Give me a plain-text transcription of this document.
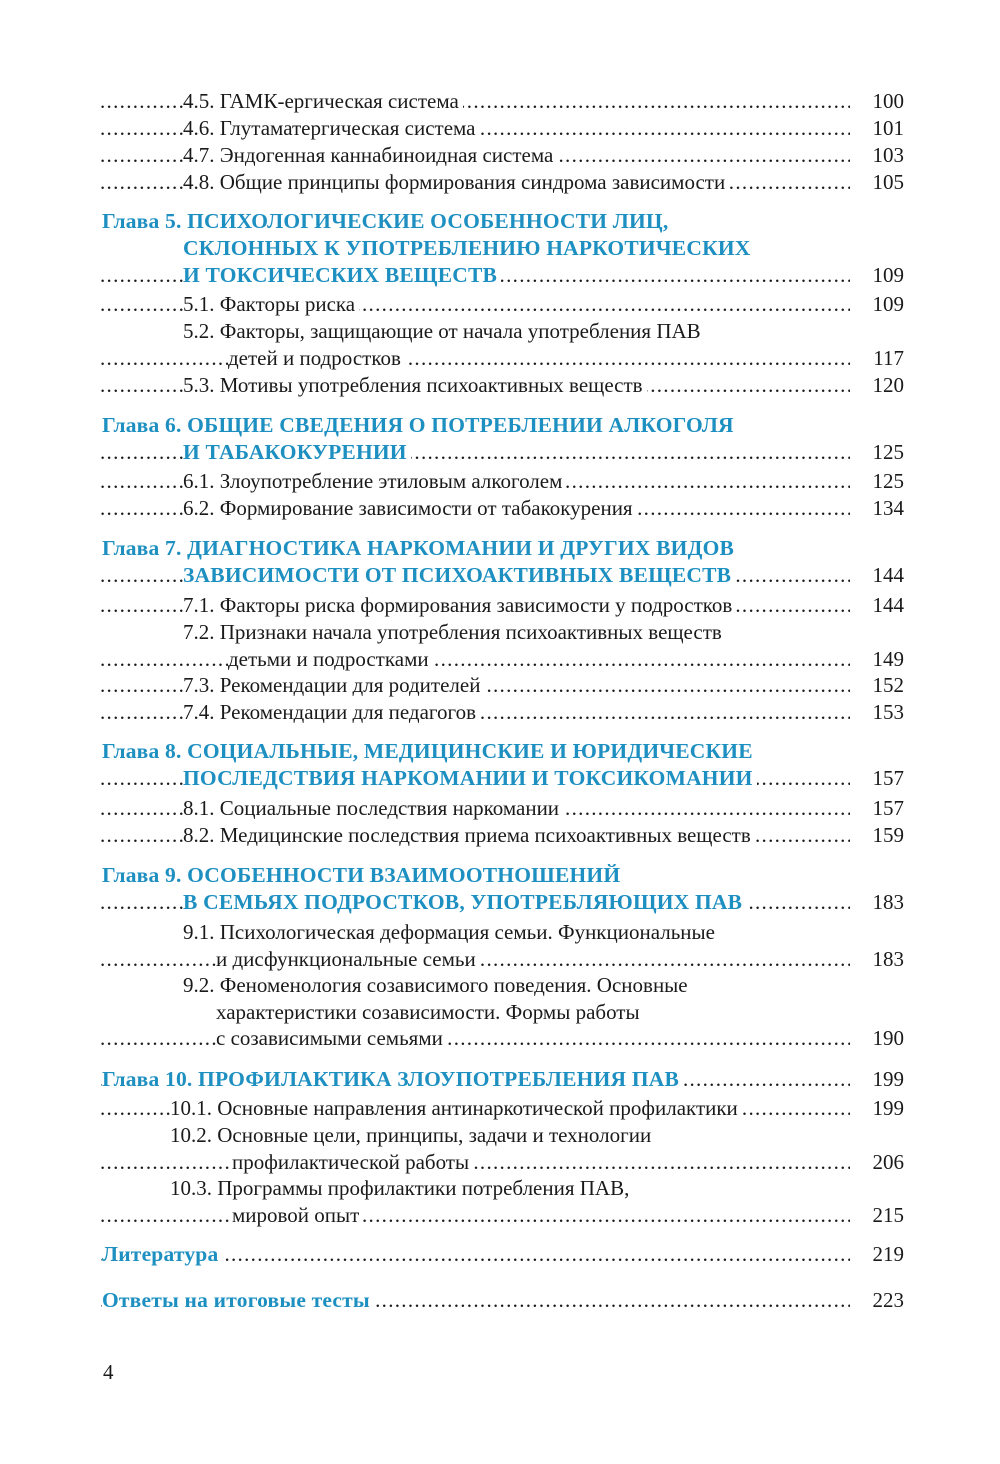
4.5. ГАМК-ергическая система .....	100
4.6. Глутаматергическая система .....	101
4.7. Эндогенная каннабиноидная система .....	103
4.8. Общие принципы формирования синдрома зависимости .....	105
Глава 5. ПСИХОЛОГИЧЕСКИЕ ОСОБЕННОСТИ ЛИЦ,
СКЛОННЫХ К УПОТРЕБЛЕНИЮ НАРКОТИЧЕСКИХ
И ТОКСИЧЕСКИХ ВЕЩЕСТВ .....	109
5.1. Факторы риска .....	109
5.2. Факторы, защищающие от начала употребления ПАВ
детей и подростков .....	117
5.3. Мотивы употребления психоактивных веществ .....	120
Глава 6. ОБЩИЕ СВЕДЕНИЯ О ПОТРЕБЛЕНИИ АЛКОГОЛЯ
И ТАБАКОКУРЕНИИ .....	125
6.1. Злоупотребление этиловым алкоголем .....	125
6.2. Формирование зависимости от табакокурения .....	134
Глава 7. ДИАГНОСТИКА НАРКОМАНИИ И ДРУГИХ ВИДОВ
ЗАВИСИМОСТИ ОТ ПСИХОАКТИВНЫХ ВЕЩЕСТВ .....	144
7.1. Факторы риска формирования зависимости у подростков .....	144
7.2. Признаки начала употребления психоактивных веществ
детьми и подростками .....	149
7.3. Рекомендации для родителей .....	152
7.4. Рекомендации для педагогов .....	153
Глава 8. СОЦИАЛЬНЫЕ, МЕДИЦИНСКИЕ И ЮРИДИЧЕСКИЕ
ПОСЛЕДСТВИЯ НАРКОМАНИИ И ТОКСИКОМАНИИ .....	157
8.1. Социальные последствия наркомании .....	157
8.2. Медицинские последствия приема психоактивных веществ .....	159
Глава 9. ОСОБЕННОСТИ ВЗАИМООТНОШЕНИЙ
В СЕМЬЯХ ПОДРОСТКОВ, УПОТРЕБЛЯЮЩИХ ПАВ .....	183
9.1. Психологическая деформация семьи. Функциональные
и дисфункциональные семьи .....	183
9.2. Феноменология созависимого поведения. Основные
характеристики созависимости. Формы работы
с созависимыми семьями .....	190
Глава 10. ПРОФИЛАКТИКА ЗЛОУПОТРЕБЛЕНИЯ ПАВ .....	199
10.1. Основные направления антинаркотической профилактики .....	199
10.2. Основные цели, принципы, задачи и технологии
профилактической работы .....	206
10.3. Программы профилактики потребления ПАВ,
мировой опыт .....	215
Литература .....	219
Ответы на итоговые тесты .....	223
4
